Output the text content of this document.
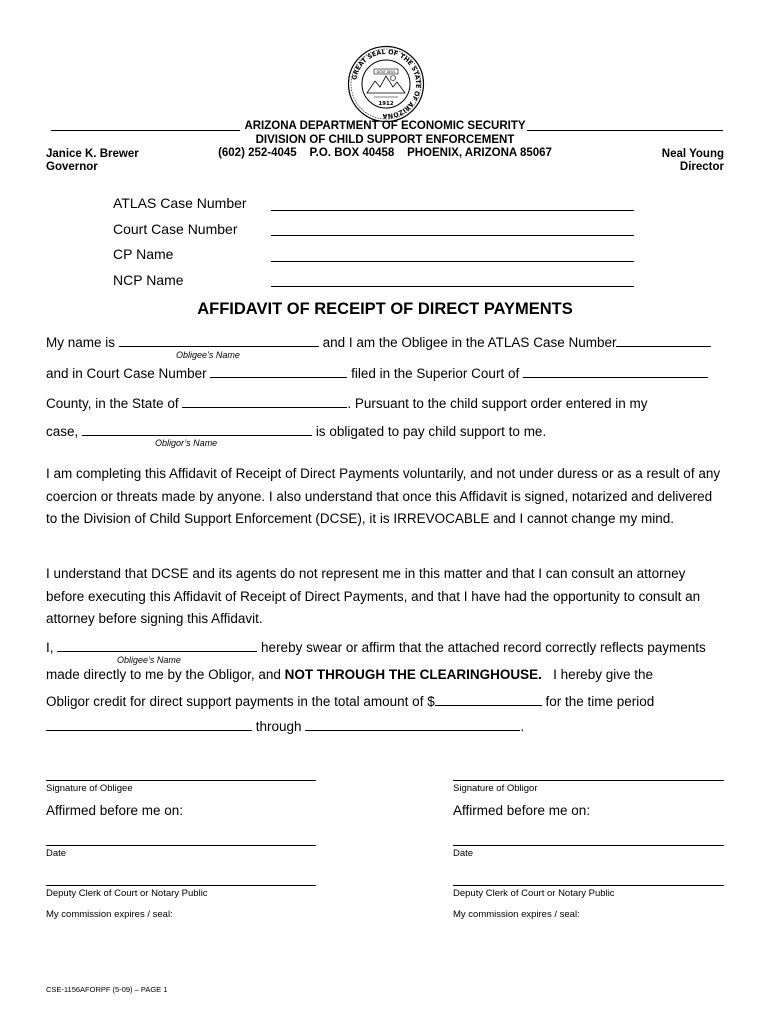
GREAT SEAL OF THE STATE OF ARIZONA
DITAT DEUS
1912
ARIZONA DEPARTMENT OF ECONOMIC SECURITY
DIVISION OF CHILD SUPPORT ENFORCEMENT
(602) 252-4045    P.O. BOX 40458    PHOENIX, ARIZONA 85067
Janice K. Brewer
Governor
Neal Young
Director
ATLAS Case Number
Court Case Number
CP Name
NCP Name
AFFIDAVIT OF RECEIPT OF DIRECT PAYMENTS
My name is	and I am the Obligee in the ATLAS Case Number
Obligee’s Name
and in Court Case Number	filed in the Superior Court of
County, in the State of	. Pursuant to the child support order entered in my
case,	is obligated to pay child support to me.
Obligor’s Name
I am completing this Affidavit of Receipt of Direct Payments voluntarily, and not under duress or as a result of any coercion or threats made by anyone. I also understand that once this Affidavit is signed, notarized and delivered to the Division of Child Support Enforcement (DCSE), it is IRREVOCABLE and I cannot change my mind.
I understand that DCSE and its agents do not represent me in this matter and that I can consult an attorney before executing this Affidavit of Receipt of Direct Payments, and that I have had the opportunity to consult an attorney before signing this Affidavit.
I,	hereby swear or affirm that the attached record correctly reflects payments
Obligee’s Name
made directly to me by the Obligor, and NOT THROUGH THE CLEARINGHOUSE. I hereby give the
Obligor credit for direct support payments in the total amount of $	for the time period
through	.
Signature of Obligee
Affirmed before me on:
Date
Deputy Clerk of Court or Notary Public
My commission expires / seal:
Signature of Obligor
Affirmed before me on:
Date
Deputy Clerk of Court or Notary Public
My commission expires / seal:
CSE-1156AFORPF (5-09) – PAGE 1
